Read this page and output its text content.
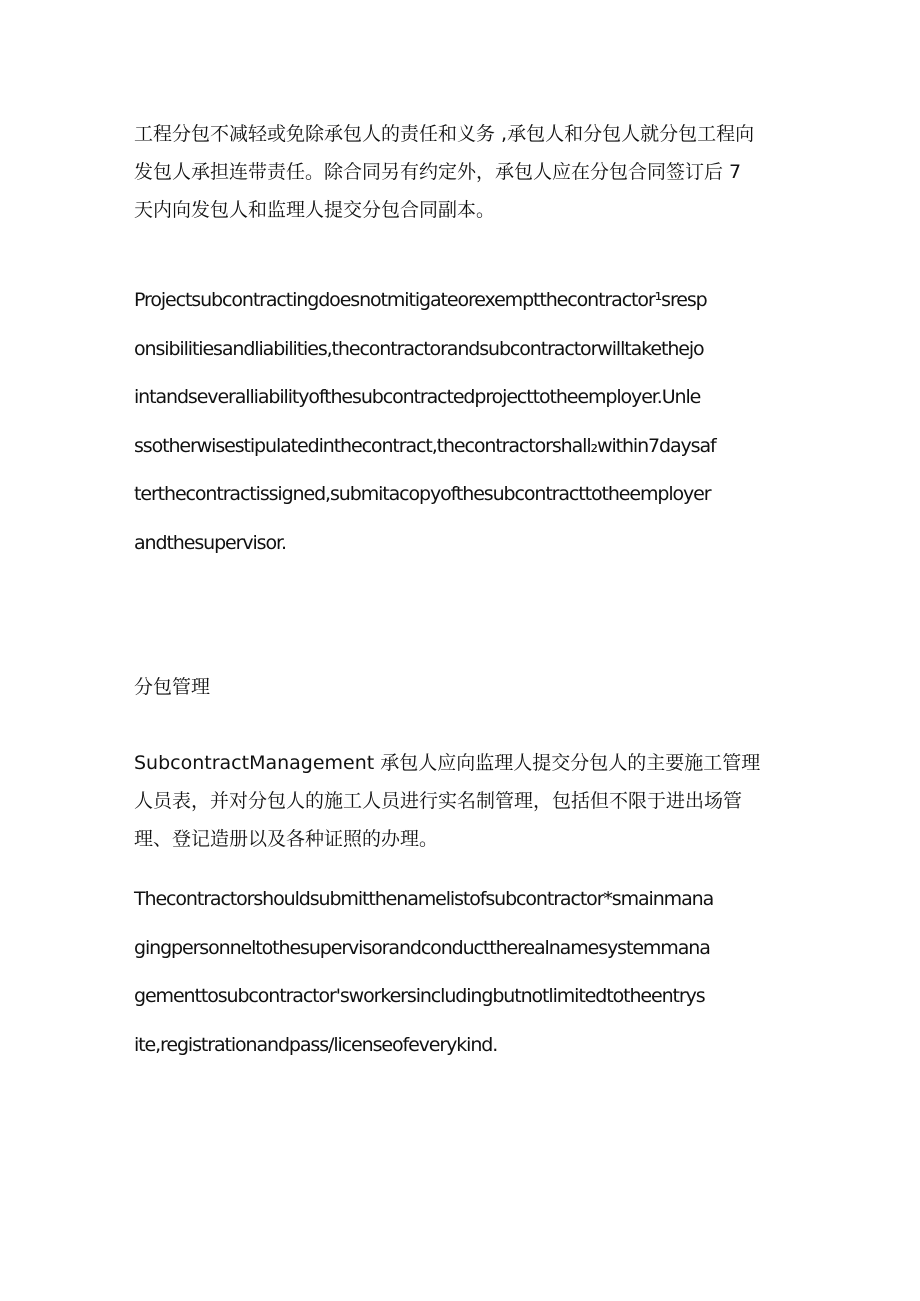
工程分包不减轻或免除承包人的责任和义务 ,承包人和分包人就分包工程向
发包人承担连带责任。除合同另有约定外，承包人应在分包合同签订后 7
天内向发包人和监理人提交分包合同副本。

Projectsubcontractingdoesnotmitigateorexemptthecontractor¹sresp
onsibilitiesandliabilities,thecontractorandsubcontractorwilltakethejo
intandseveralliabilityofthesubcontractedprojecttotheemployer.Unle
ssotherwisestipulatedinthecontract,thecontractorshall₂within7daysaf
terthecontractissigned,submitacopyofthesubcontracttotheemployer
andthesupervisor.

分包管理

SubcontractManagement 承包人应向监理人提交分包人的主要施工管理
人员表，并对分包人的施工人员进行实名制管理，包括但不限于进出场管
理、登记造册以及各种证照的办理。

Thecontractorshouldsubmitthenamelistofsubcontractor*smainmana
gingpersonneltothesupervisorandconducttherealnamesystemmana
gementtosubcontractor'sworkersincludingbutnotlimitedtotheentrys
ite,registrationandpass/licenseofeverykind.
